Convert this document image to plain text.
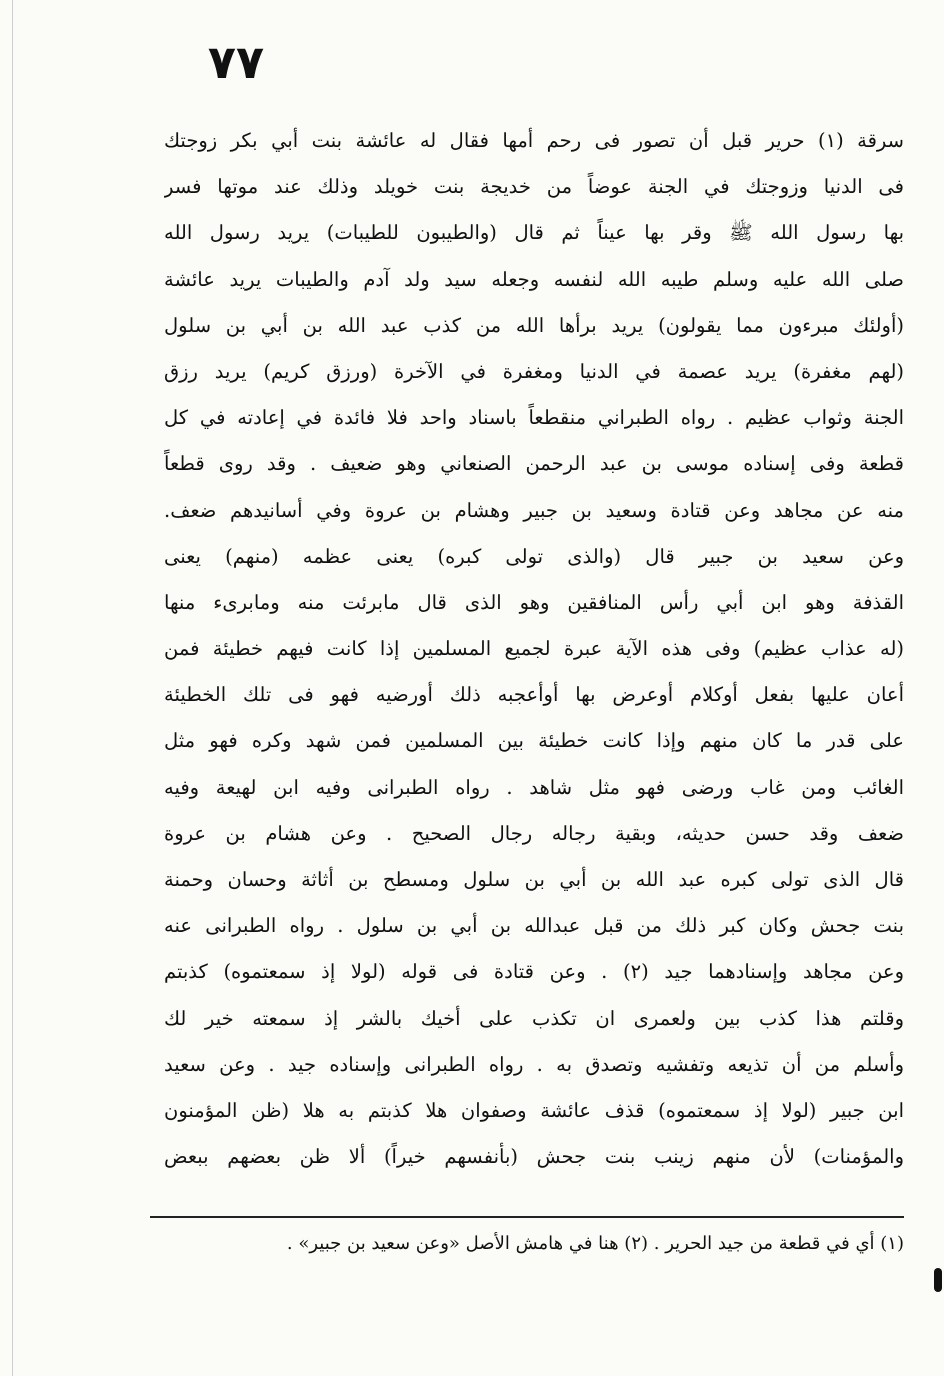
٧٧
سرقة (١) حرير قبل أن تصور فى رحم أمها فقال له عائشة بنت أبي بكر زوجتك
فى الدنيا وزوجتك في الجنة عوضاً من خديجة بنت خويلد وذلك عند موتها فسر
بها رسول الله ﷺ وقر بها عيناً ثم قال (والطيبون للطيبات) يريد رسول الله
صلى الله عليه وسلم طيبه الله لنفسه وجعله سيد ولد آدم والطيبات يريد عائشة
(أولئك مبرءون مما يقولون) يريد برأها الله من كذب عبد الله بن أبي بن سلول
(لهم مغفرة) يريد عصمة في الدنيا ومغفرة في الآخرة (ورزق كريم) يريد رزق
الجنة وثواب عظيم . رواه الطبراني منقطعاً باسناد واحد فلا فائدة في إعادته في كل
قطعة وفى إسناده موسى بن عبد الرحمن الصنعاني وهو ضعيف . وقد روى قطعاً
منه عن مجاهد وعن قتادة وسعيد بن جبير وهشام بن عروة وفي أسانيدهم ضعف.
وعن سعيد بن جبير قال (والذى تولى كبره) يعنى عظمه (منهم) يعنى
القذفة وهو ابن أبي رأس المنافقين وهو الذى قال مابرئت منه ومابرىء منها
(له عذاب عظيم) وفى هذه الآية عبرة لجميع المسلمين إذا كانت فيهم خطيئة فمن
أعان عليها بفعل أوكلام أوعرض بها أوأعجبه ذلك أورضيه فهو فى تلك الخطيئة
على قدر ما كان منهم وإذا كانت خطيئة بين المسلمين فمن شهد وكره فهو مثل
الغائب ومن غاب ورضى فهو مثل شاهد . رواه الطبرانى وفيه ابن لهيعة وفيه
ضعف وقد حسن حديثه، وبقية رجاله رجال الصحيح . وعن هشام بن عروة
قال الذى تولى كبره عبد الله بن أبي بن سلول ومسطح بن أثاثة وحسان وحمنة
بنت جحش وكان كبر ذلك من قبل عبدالله بن أبي بن سلول . رواه الطبرانى عنه
وعن مجاهد وإسنادهما جيد (٢) . وعن قتادة فى قوله (لولا إذ سمعتموه) كذبتم
وقلتم هذا كذب بين ولعمرى ان تكذب على أخيك بالشر إذ سمعته خير لك
وأسلم من أن تذيعه وتفشيه وتصدق به . رواه الطبرانى وإسناده جيد . وعن سعيد
ابن جبير (لولا إذ سمعتموه) قذف عائشة وصفوان هلا كذبتم به هلا (ظن المؤمنون
والمؤمنات) لأن منهم زينب بنت جحش (بأنفسهم خيراً) ألا ظن بعضهم ببعض
(١) أي في قطعة من جيد الحرير . (٢) هنا في هامش الأصل «وعن سعيد بن جبير» .
